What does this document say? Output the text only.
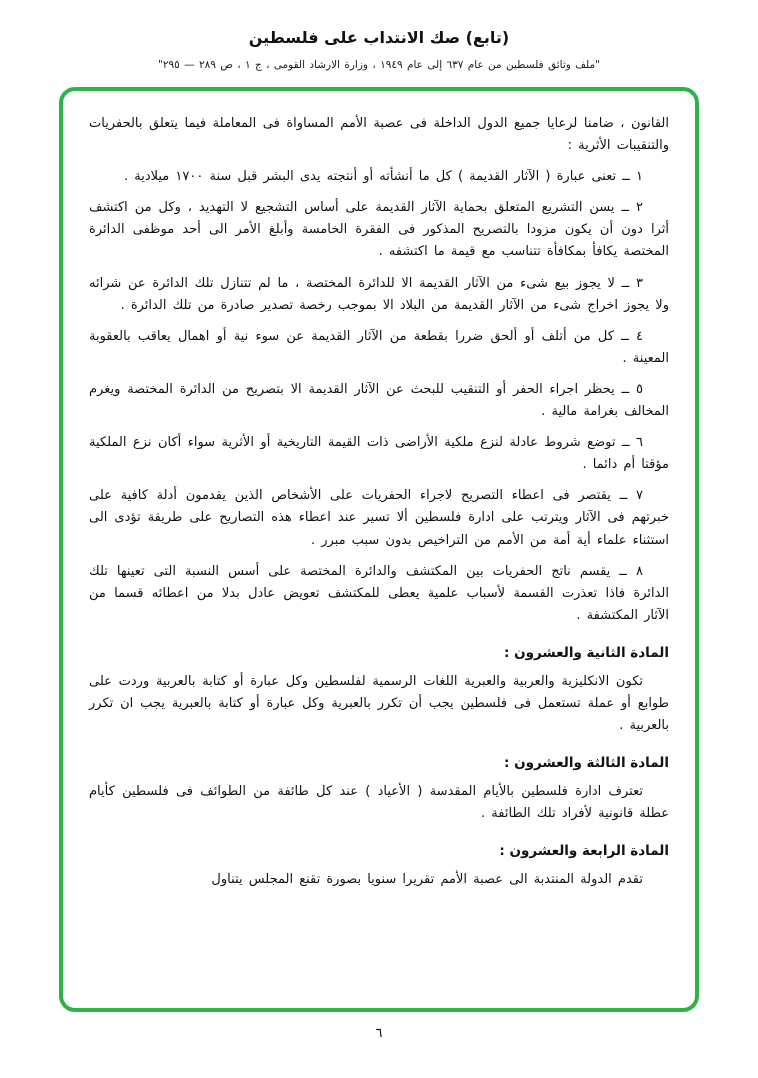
(تابع) صك الانتداب على فلسطين
"ملف وثائق فلسطين من عام ٦٣٧ إلى عام ١٩٤٩ ، وزارة الارشاد القومى ، ج ١ ، ص ٢٨٩ — ٢٩٥"

القانون ، ضامنا لرعايا جميع الدول الداخلة فى عصبة الأمم المساواة فى المعاملة فيما يتعلق بالحفريات والتنقيبات الأثرية :

١ ــ تعنى عبارة ( الآثار القديمة ) كل ما أنشأته أو أنتجته يدى البشر قبل سنة ١٧٠٠ ميلادية .

٢ ــ يسن التشريع المتعلق بحماية الآثار القديمة على أساس التشجيع لا التهديد ، وكل من اكتشف أثرا دون أن يكون مزودا بالتصريح المذكور فى الفقرة الخامسة وأبلغ الأمر الى أحد موظفى الدائرة المختصة يكافأ بمكافأة تتناسب مع قيمة ما اكتشفه .

٣ ــ لا يجوز بيع شىء من الآثار القديمة الا للدائرة المختصة ، ما لم تتنازل تلك الدائرة عن شرائه ولا يجوز اخراج شىء من الآثار القديمة من البلاد الا بموجب رخصة تصدير صادرة من تلك الدائرة .

٤ ــ كل من أتلف أو ألحق ضررا بقطعة من الآثار القديمة عن سوء نية أو اهمال يعاقب بالعقوبة المعينة .

٥ ــ يحظر اجراء الحفر أو التنقيب للبحث عن الآثار القديمة الا بتصريح من الدائرة المختصة ويغرم المخالف بغرامة مالية .

٦ ــ توضع شروط عادلة لنزع ملكية الأراضى ذات القيمة التاريخية أو الأثرية سواء أكان نزع الملكية مؤقتا أم دائما .

٧ ــ يقتصر فى اعطاء التصريح لاجراء الحفريات على الأشخاص الذين يقدمون أدلة كافية على خبرتهم فى الآثار ويترتب على ادارة فلسطين ألا تسير عند اعطاء هذه التصاريح على طريقة تؤدى الى استثناء علماء أية أمة من الأمم من التراخيص بدون سبب مبرر .

٨ ــ يقسم ناتج الحفريات بين المكتشف والدائرة المختصة على أسس النسبة التى تعينها تلك الدائرة فاذا تعذرت القسمة لأسباب علمية يعطى للمكتشف تعويض عادل بدلا من اعطائه قسما من الآثار المكتشفة .

المادة الثانية والعشرون :

تكون الانكليزية والعربية والعبرية اللغات الرسمية لفلسطين وكل عبارة أو كتابة بالعربية وردت على طوابع أو عملة تستعمل فى فلسطين يجب أن تكرر بالعبرية وكل عبارة أو كتابة بالعبرية يجب ان تكرر بالعربية .

المادة الثالثة والعشرون :

تعترف ادارة فلسطين بالأيام المقدسة ( الأعياد ) عند كل طائفة من الطوائف فى فلسطين كأيام عطلة قانونية لأفراد تلك الطائفة .

المادة الرابعة والعشرون :

تقدم الدولة المنتدبة الى عصبة الأمم تقريرا سنويا بصورة تقنع المجلس يتناول

٦
